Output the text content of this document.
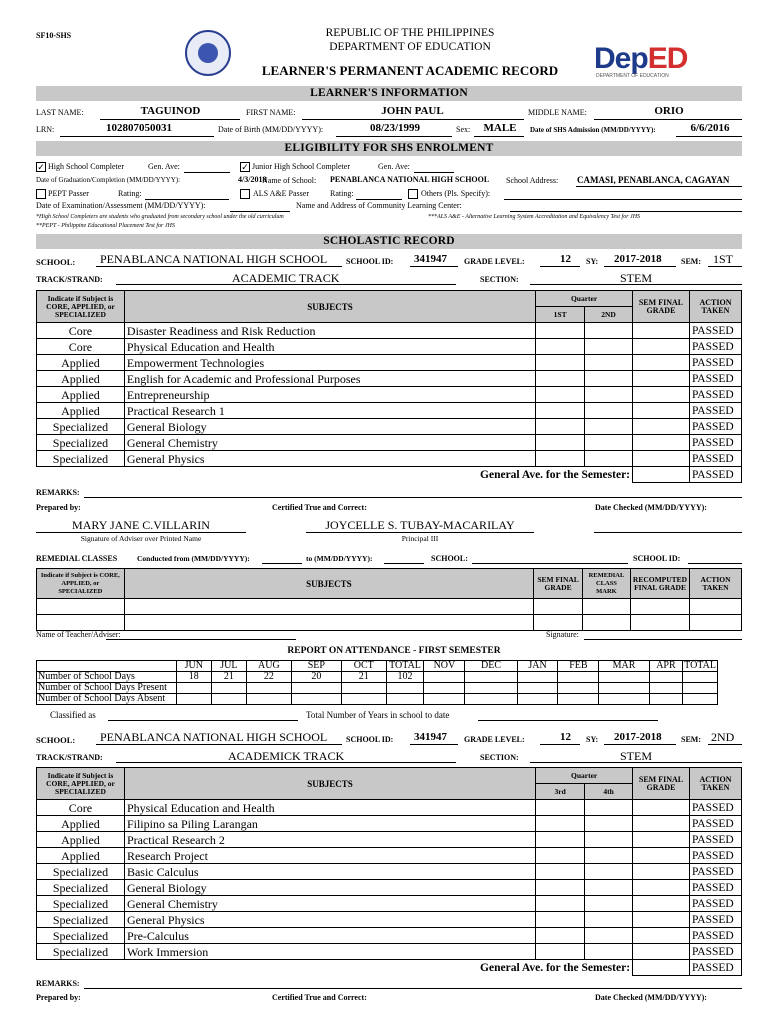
SF10-SHS	REPUBLIC OF THE PHILIPPINES
DEPARTMENT OF EDUCATION
LEARNER'S PERMANENT ACADEMIC RECORD	DepED
DEPARTMENT OF EDUCATION
LEARNER'S INFORMATION
LAST NAME:	TAGUINOD	FIRST NAME:	JOHN PAUL	MIDDLE NAME:	ORIO
LRN:	102807050031	Date of Birth (MM/DD/YYYY):	08/23/1999	Sex:	MALE	Date of SHS Admission (MM/DD/YYYY):	6/6/2016
ELIGIBILITY FOR SHS ENROLMENT
✓ High School Completer	Gen. Ave:	✓ Junior High School Completer	Gen. Ave:
Date of Graduation/Completion (MM/DD/YYYY):	4/3/2018
Name of School: PENABLANCA NATIONAL HIGH SCHOOL School Address: CAMASI, PENABLANCA, CAGAYAN
PEPT Passer	Rating:	ALS A&E Passer	Rating:	Others (Pls. Specify):
Date of Examination/Assessment (MM/DD/YYYY):	Name and Address of Community Learning Center:
*High School Completers are students who graduated from secondary school under the old curriculum	***ALS A&E - Alternative Learning System Accreditation and Equivalency Test for JHS
**PEPT - Philippine Educational Placement Test for JHS
SCHOLASTIC RECORD
SCHOOL: PENABLANCA NATIONAL HIGH SCHOOL SCHOOL ID: 341947 GRADE LEVEL:	12 SY: 2017-2018 SEM: 1ST
TRACK/STRAND:	ACADEMIC TRACK	SECTION:	STEM
Indicate if Subject is CORE, APPLIED, or SPECIALIZED	SUBJECTS	Quarter		SEM FINAL GRADE	ACTION TAKEN
		1ST	2ND		
Core	Disaster Readiness and Risk Reduction				PASSED
Core	Physical Education and Health				PASSED
Applied	Empowerment Technologies				PASSED
Applied	English for Academic and Professional Purposes				PASSED
Applied	Entrepreneurship				PASSED
Applied	Practical Research 1				PASSED
Specialized	General Biology				PASSED
Specialized	General Chemistry				PASSED
Specialized	General Physics				PASSED
General Ave. for the Semester:					PASSED
REMARKS:
Prepared by:	Certified True and Correct:	Date Checked (MM/DD/YYYY):
MARY JANE C.VILLARIN
Signature of Adviser over Printed Name
JOYCELLE S. TUBAY-MACARILAY
Principal III
REMEDIAL CLASSES	Conducted from (MM/DD/YYYY):	to (MM/DD/YYYY):	SCHOOL:	SCHOOL ID:
Indicate if Subject is CORE, APPLIED, or SPECIALIZED	SUBJECTS	SEM FINAL GRADE	REMEDIAL CLASS MARK	RECOMPUTED FINAL GRADE	ACTION TAKEN

Name of Teacher/Adviser:	Signature:
REPORT ON ATTENDANCE - FIRST SEMESTER
	JUN	JUL	AUG	SEP	OCT	TOTAL	NOV	DEC	JAN	FEB	MAR	APR	TOTAL
Number of School Days	18	21	22	20	21	102							
Number of School Days Present													
Number of School Days Absent													
Classified as	Total Number of Years in school to date
SCHOOL: PENABLANCA NATIONAL HIGH SCHOOL SCHOOL ID: 341947 GRADE LEVEL:	12 SY: 2017-2018 SEM: 2ND
TRACK/STRAND:	ACADEMICK TRACK	SECTION:	STEM
Indicate if Subject is CORE, APPLIED, or SPECIALIZED	SUBJECTS	Quarter		SEM FINAL GRADE	ACTION TAKEN
		3rd	4th		
Core	Physical Education and Health				PASSED
Applied	Filipino sa Piling Larangan				PASSED
Applied	Practical Research 2				PASSED
Applied	Research Project				PASSED
Specialized	Basic Calculus				PASSED
Specialized	General Biology				PASSED
Specialized	General Chemistry				PASSED
Specialized	General Physics				PASSED
Specialized	Pre-Calculus				PASSED
Specialized	Work Immersion				PASSED
General Ave. for the Semester:					PASSED
REMARKS:
Prepared by:	Certified True and Correct:	Date Checked (MM/DD/YYYY):
